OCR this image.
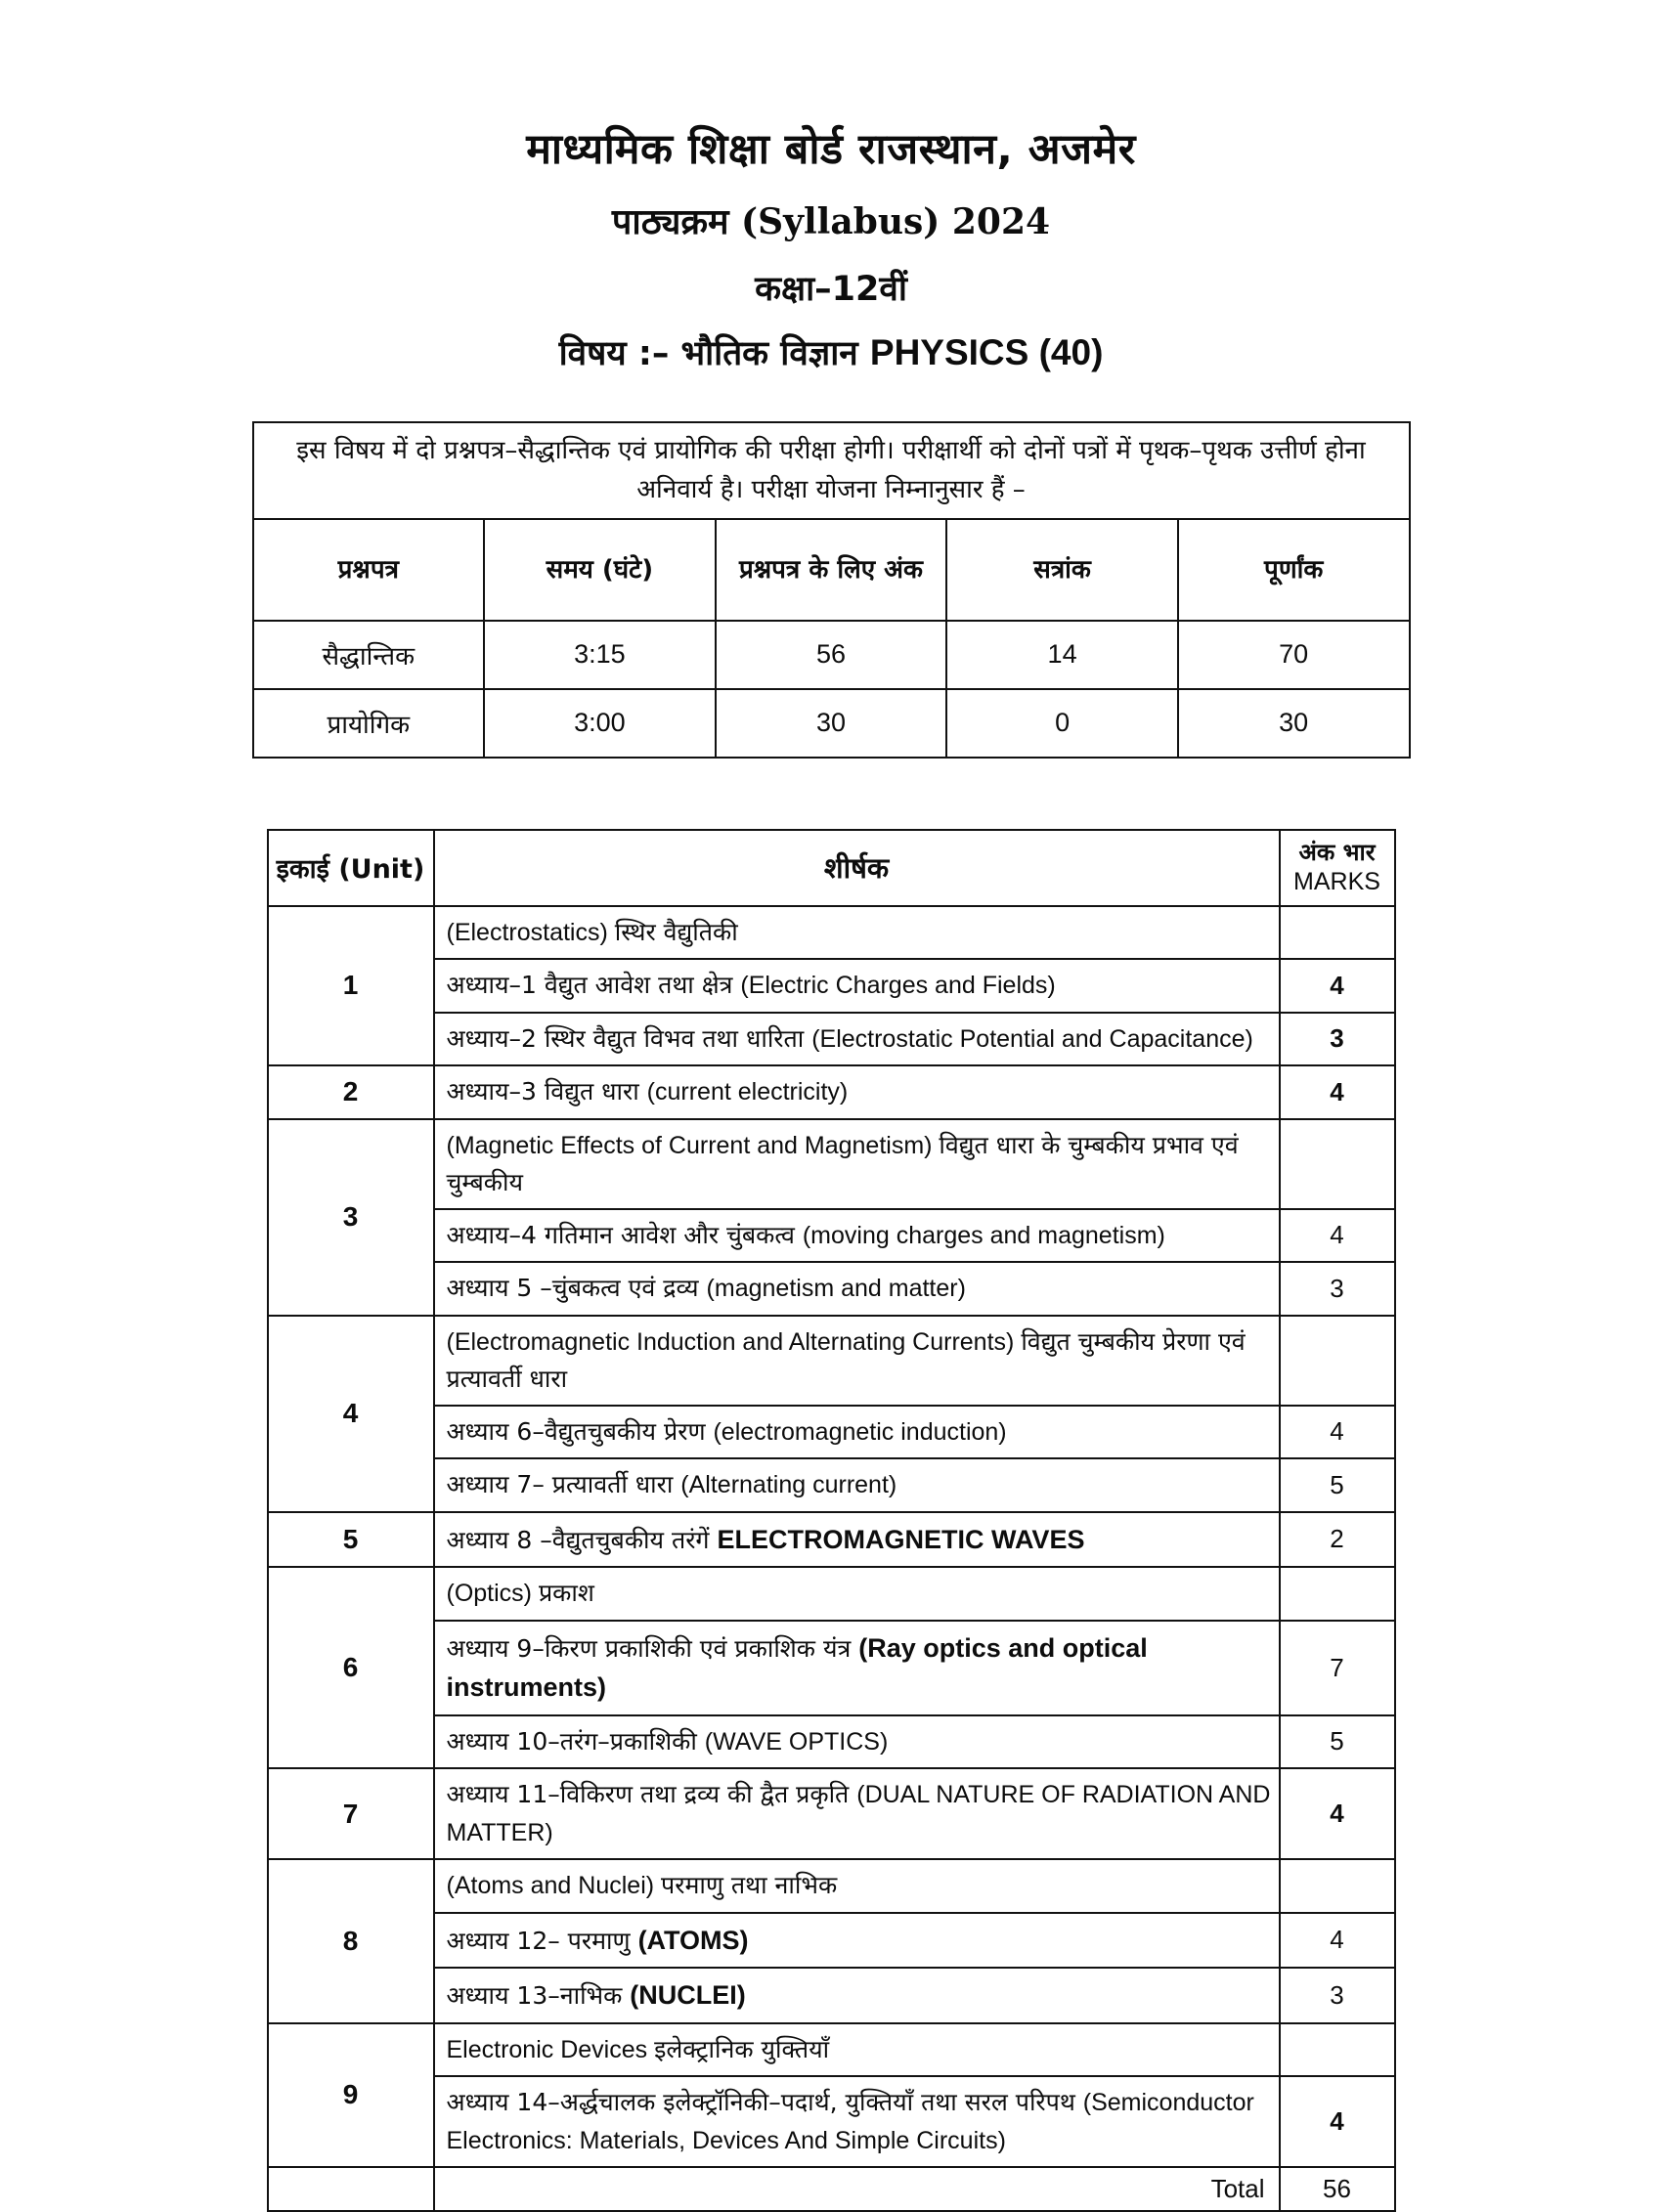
माध्यमिक शिक्षा बोर्ड राजस्थान, अजमेर
पाठ्यक्रम (Syllabus) 2024
कक्षा–12वीं
विषय :– भौतिक विज्ञान PHYSICS (40)
इस विषय में दो प्रश्नपत्र–सैद्धान्तिक एवं प्रायोगिक की परीक्षा होगी। परीक्षार्थी को दोनों पत्रों में पृथक–पृथक उत्तीर्ण होना अनिवार्य है। परीक्षा योजना निम्नानुसार हैं –				
प्रश्नपत्र	समय (घंटे)	प्रश्नपत्र के लिए अंक	सत्रांक	पूर्णांक
सैद्धान्तिक	3:15	56	14	70
प्रायोगिक	3:00	30	0	30
इकाई (Unit)	शीर्षक	अंक भार
MARKS
1	(Electrostatics) स्थिर वैद्युतिकी	
	अध्याय–1 वैद्युत आवेश तथा क्षेत्र (Electric Charges and Fields)	4
	अध्याय–2 स्थिर वैद्युत विभव तथा धारिता (Electrostatic Potential and Capacitance)	3
2	अध्याय–3 विद्युत धारा (current electricity)	4
3	(Magnetic Effects of Current and Magnetism) विद्युत धारा के चुम्बकीय प्रभाव एवं चुम्बकीय	
	अध्याय–4 गतिमान आवेश और चुंबकत्व (moving charges and magnetism)	4
	अध्याय 5 –चुंबकत्व एवं द्रव्य (magnetism and matter)	3
4	(Electromagnetic Induction and Alternating Currents) विद्युत चुम्बकीय प्रेरणा एवं प्रत्यावर्ती धारा	
	अध्याय 6–वैद्युतचुबकीय प्रेरण (electromagnetic induction)	4
	अध्याय 7– प्रत्यावर्ती धारा (Alternating current)	5
5	अध्याय 8 –वैद्युतचुबकीय तरंगें ELECTROMAGNETIC WAVES	2
6	(Optics) प्रकाश	
	अध्याय 9–किरण प्रकाशिकी एवं प्रकाशिक यंत्र (Ray optics and optical instruments)	7
	अध्याय 10–तरंग–प्रकाशिकी (WAVE OPTICS)	5
7	अध्याय 11–विकिरण तथा द्रव्य की द्वैत प्रकृति (DUAL NATURE OF RADIATION AND MATTER)	4
8	(Atoms and Nuclei) परमाणु तथा नाभिक	
	अध्याय 12– परमाणु (ATOMS)	4
	अध्याय 13–नाभिक (NUCLEI)	3
9	Electronic Devices इलेक्ट्रानिक युक्तियाँ	
	अध्याय 14–अर्द्धचालक इलेक्ट्रॉनिकी–पदार्थ, युक्तियाँ तथा सरल परिपथ (Semiconductor Electronics: Materials, Devices And Simple Circuits)	4
	Total	56
